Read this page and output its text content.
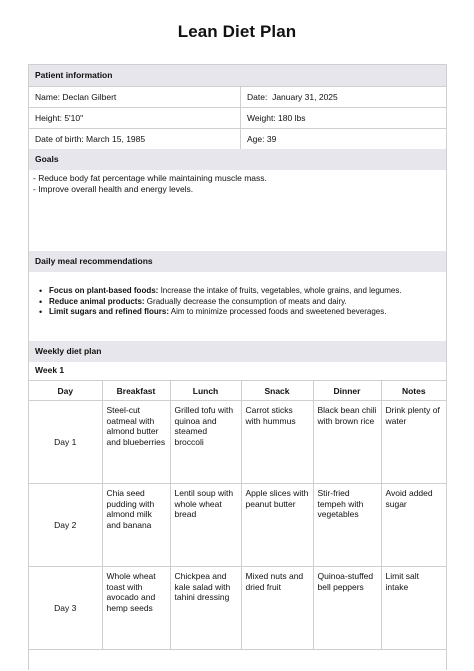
Lean Diet Plan
Patient information
Name: Declan Gilbert	Date: January 31, 2025
Height: 5'10"	Weight: 180 lbs
Date of birth: March 15, 1985	Age: 39
Goals
- Reduce body fat percentage while maintaining muscle mass.
- Improve overall health and energy levels.
Daily meal recommendations
• Focus on plant-based foods: Increase the intake of fruits, vegetables, whole grains, and legumes.
• Reduce animal products: Gradually decrease the consumption of meats and dairy.
• Limit sugars and refined flours: Aim to minimize processed foods and sweetened beverages.
Weekly diet plan
Week 1
Day	Breakfast	Lunch	Snack	Dinner	Notes
Day 1	Steel-cut oatmeal with almond butter and blueberries	Grilled tofu with quinoa and steamed broccoli	Carrot sticks with hummus	Black bean chili with brown rice	Drink plenty of water
Day 2	Chia seed pudding with almond milk and banana	Lentil soup with whole wheat bread	Apple slices with peanut butter	Stir-fried tempeh with vegetables	Avoid added sugar
Day 3	Whole wheat toast with avocado and hemp seeds	Chickpea and kale salad with tahini dressing	Mixed nuts and dried fruit	Quinoa-stuffed bell peppers	Limit salt intake
